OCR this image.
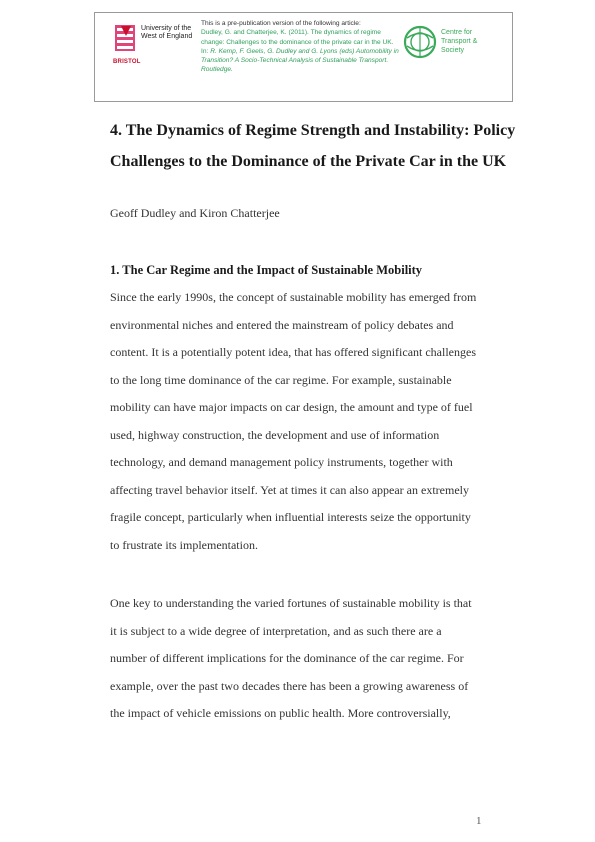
University of the
West of England
BRISTOL
This is a pre-publication version of the following article:
Dudley, G. and Chatterjee, K. (2011). The dynamics of regime change: Challenges to the dominance of the private car in the UK. In: R. Kemp, F. Geels, G. Dudley and G. Lyons (eds) Automobility in Transition? A Socio-Technical Analysis of Sustainable Transport. Routledge.
Centre for
Transport &
Society
4. The Dynamics of Regime Strength and Instability: Policy
Challenges to the Dominance of the Private Car in the UK
Geoff Dudley and Kiron Chatterjee
1. The Car Regime and the Impact of Sustainable Mobility
Since the early 1990s, the concept of sustainable mobility has emerged from
environmental niches and entered the mainstream of policy debates and
content. It is a potentially potent idea, that has offered significant challenges
to the long time dominance of the car regime. For example, sustainable
mobility can have major impacts on car design, the amount and type of fuel
used, highway construction, the development and use of information
technology, and demand management policy instruments, together with
affecting travel behavior itself. Yet at times it can also appear an extremely
fragile concept, particularly when influential interests seize the opportunity
to frustrate its implementation.
One key to understanding the varied fortunes of sustainable mobility is that
it is subject to a wide degree of interpretation, and as such there are a
number of different implications for the dominance of the car regime. For
example, over the past two decades there has been a growing awareness of
the impact of vehicle emissions on public health. More controversially,
1
